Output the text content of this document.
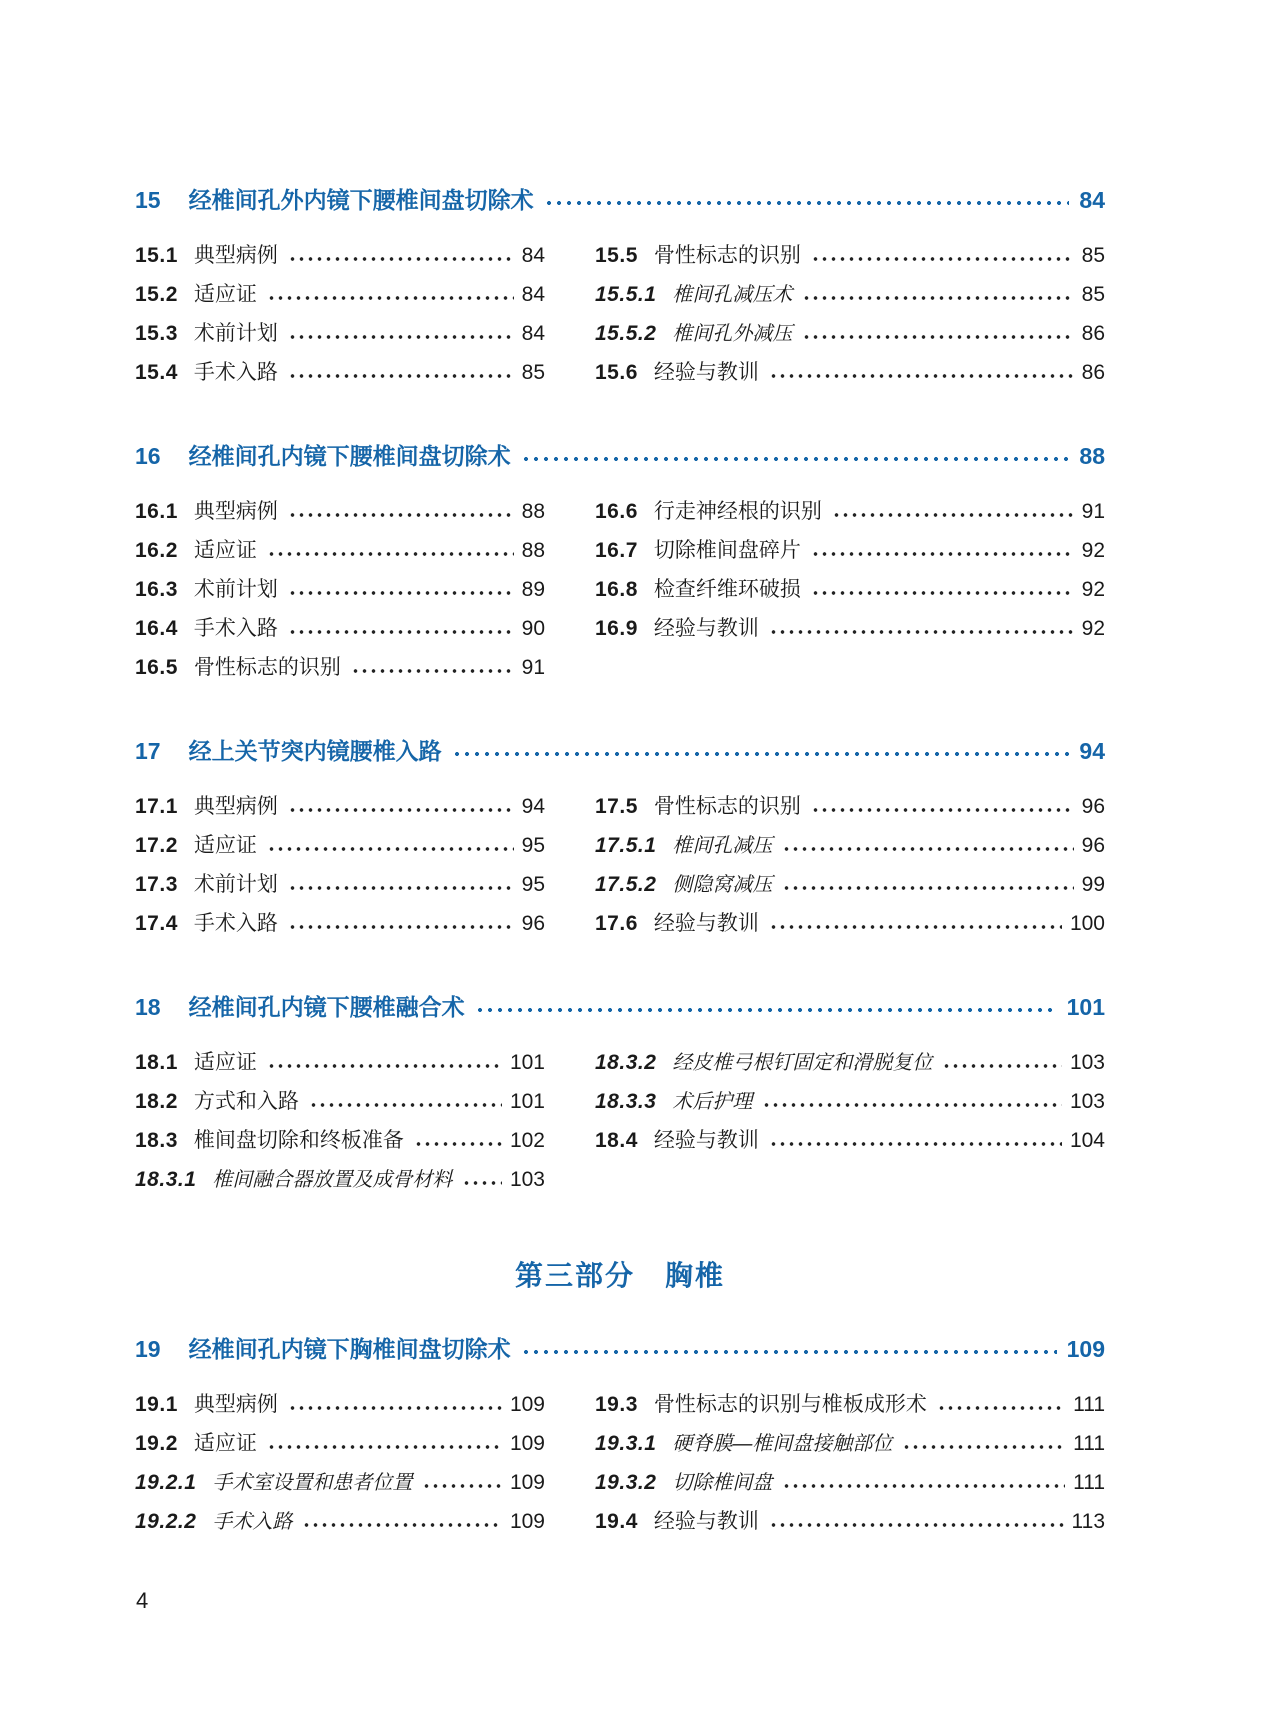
15 经椎间孔外内镜下腰椎间盘切除术	84
15.1 典型病例	84
15.2 适应证	84
15.3 术前计划	84
15.4 手术入路	85
15.5 骨性标志的识别	85
15.5.1 椎间孔减压术	85
15.5.2 椎间孔外减压	86
15.6 经验与教训	86
16 经椎间孔内镜下腰椎间盘切除术	88
16.1 典型病例	88
16.2 适应证	88
16.3 术前计划	89
16.4 手术入路	90
16.5 骨性标志的识别	91
16.6 行走神经根的识别	91
16.7 切除椎间盘碎片	92
16.8 检查纤维环破损	92
16.9 经验与教训	92
17 经上关节突内镜腰椎入路	94
17.1 典型病例	94
17.2 适应证	95
17.3 术前计划	95
17.4 手术入路	96
17.5 骨性标志的识别	96
17.5.1 椎间孔减压	96
17.5.2 侧隐窝减压	99
17.6 经验与教训	100
18 经椎间孔内镜下腰椎融合术	101
18.1 适应证	101
18.2 方式和入路	101
18.3 椎间盘切除和终板准备	102
18.3.1 椎间融合器放置及成骨材料	103
18.3.2 经皮椎弓根钉固定和滑脱复位	103
18.3.3 术后护理	103
18.4 经验与教训	104
第三部分　胸椎
19 经椎间孔内镜下胸椎间盘切除术	109
19.1 典型病例	109
19.2 适应证	109
19.2.1 手术室设置和患者位置	109
19.2.2 手术入路	109
19.3 骨性标志的识别与椎板成形术	111
19.3.1 硬脊膜—椎间盘接触部位	111
19.3.2 切除椎间盘	111
19.4 经验与教训	113
4
